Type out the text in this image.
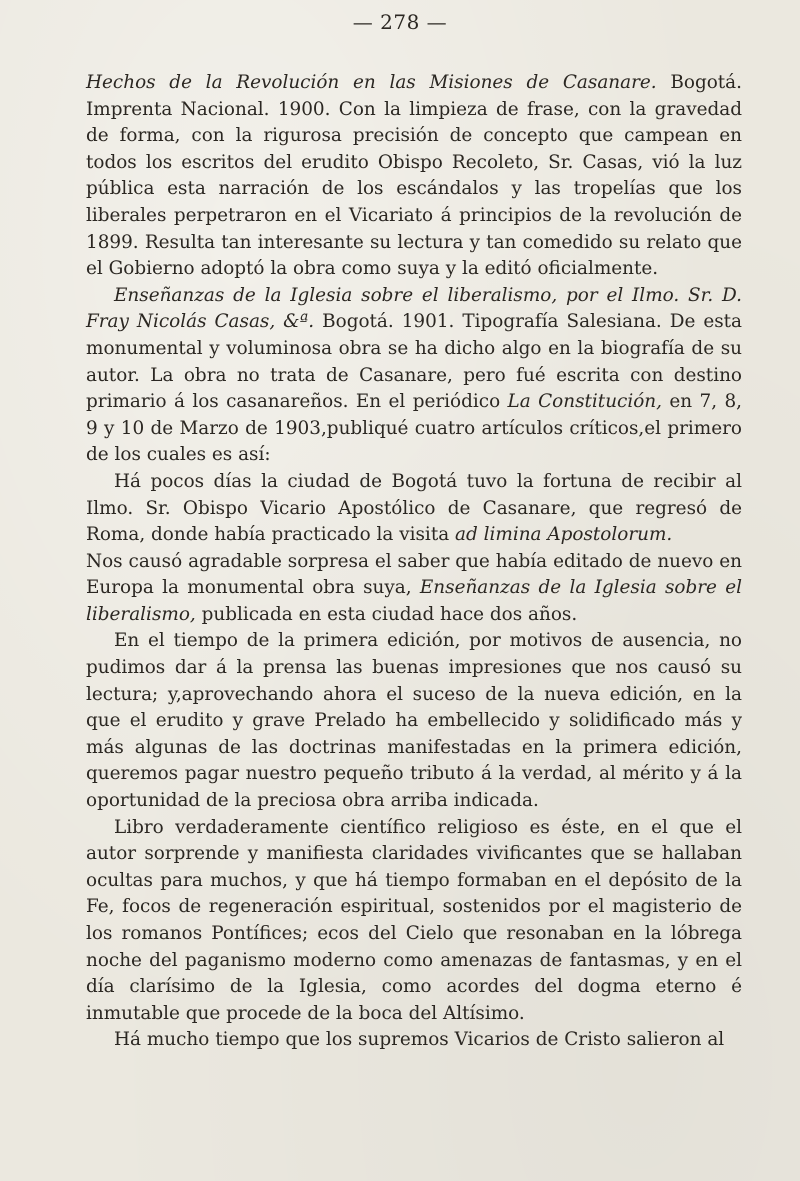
— 278 —

Hechos de la Revolución en las Misiones de Casanare. Bogotá. Imprenta Nacional. 1900. Con la limpieza de frase, con la gravedad de forma, con la rigurosa precisión de concepto que campean en todos los escritos del erudito Obispo Recoleto, Sr. Casas, vió la luz pública esta narración de los escándalos y las tropelías que los liberales perpetraron en el Vicariato á principios de la revolución de 1899. Resulta tan interesante su lectura y tan comedido su relato que el Gobierno adoptó la obra como suya y la editó oficialmente.

Enseñanzas de la Iglesia sobre el liberalismo, por el Ilmo. Sr. D. Fray Nicolás Casas, &ª. Bogotá. 1901. Tipografía Salesiana. De esta monumental y voluminosa obra se ha dicho algo en la biografía de su autor. La obra no trata de Casanare, pero fué escrita con destino primario á los casanareños. En el periódico La Constitución, en 7, 8, 9 y 10 de Marzo de 1903,publiqué cuatro artículos críticos,el primero de los cuales es así:

Há pocos días la ciudad de Bogotá tuvo la fortuna de recibir al Ilmo. Sr. Obispo Vicario Apostólico de Casanare, que regresó de Roma, donde había practicado la visita ad limina Apostolorum.

Nos causó agradable sorpresa el saber que había editado de nuevo en Europa la monumental obra suya, Enseñanzas de la Iglesia sobre el liberalismo, publicada en esta ciudad hace dos años.

En el tiempo de la primera edición, por motivos de ausencia, no pudimos dar á la prensa las buenas impresiones que nos causó su lectura; y,aprovechando ahora el suceso de la nueva edición, en la que el erudito y grave Prelado ha embellecido y solidificado más y más algunas de las doctrinas manifestadas en la primera edición, queremos pagar nuestro pequeño tributo á la verdad, al mérito y á la oportunidad de la preciosa obra arriba indicada.

Libro verdaderamente científico religioso es éste, en el que el autor sorprende y manifiesta claridades vivificantes que se hallaban ocultas para muchos, y que há tiempo formaban en el depósito de la Fe, focos de regeneración espiritual, sostenidos por el magisterio de los romanos Pontífices; ecos del Cielo que resonaban en la lóbrega noche del paganismo moderno como amenazas de fantasmas, y en el día clarísimo de la Iglesia, como acordes del dogma eterno é inmutable que procede de la boca del Altísimo.

Há mucho tiempo que los supremos Vicarios de Cristo salieron al
